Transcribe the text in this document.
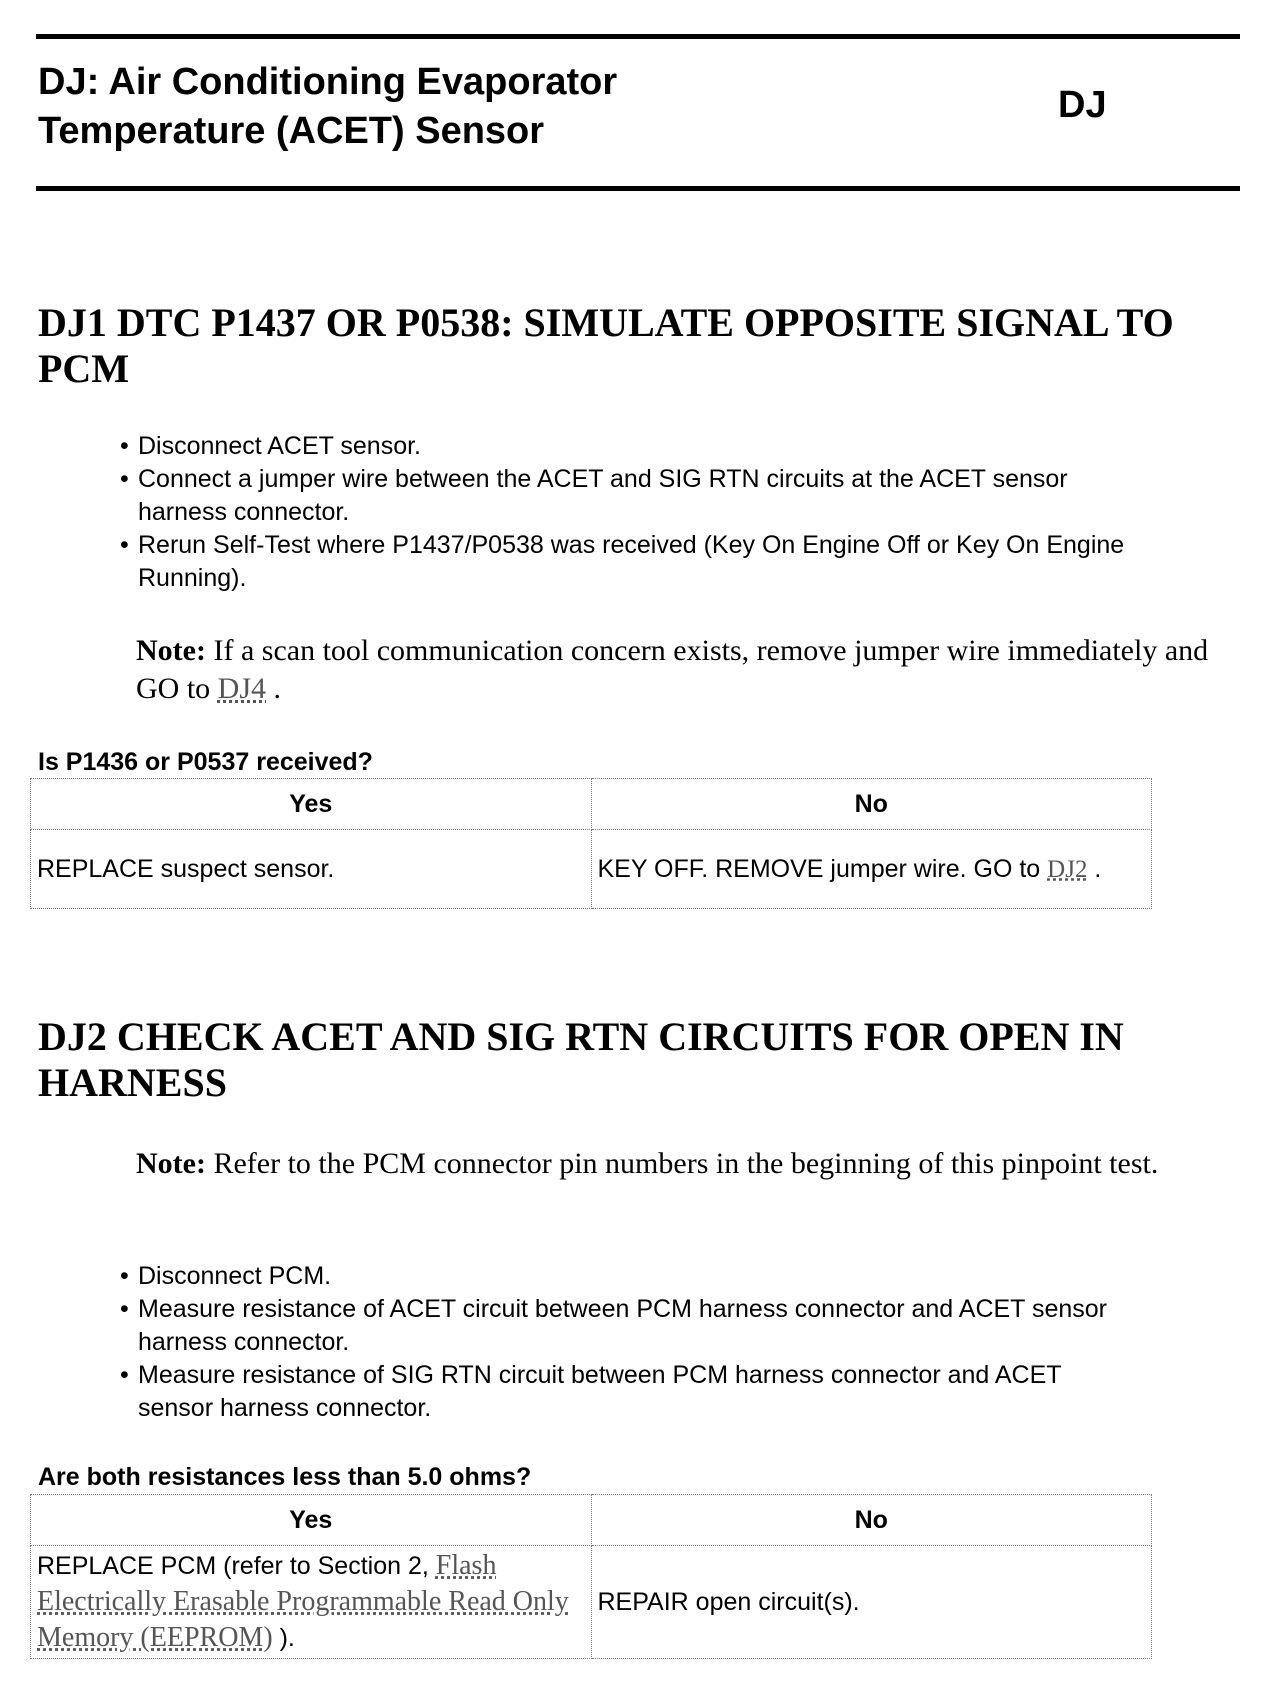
DJ: Air Conditioning Evaporator
Temperature (ACET) Sensor
DJ
DJ1 DTC P1437 OR P0538: SIMULATE OPPOSITE SIGNAL TO PCM
• Disconnect ACET sensor.
• Connect a jumper wire between the ACET and SIG RTN circuits at the ACET sensor harness connector.
• Rerun Self-Test where P1437/P0538 was received (Key On Engine Off or Key On Engine Running).
Note: If a scan tool communication concern exists, remove jumper wire immediately and GO to DJ4 .
Is P1436 or P0537 received?
Yes	No
REPLACE suspect sensor.	KEY OFF. REMOVE jumper wire. GO to DJ2 .
DJ2 CHECK ACET AND SIG RTN CIRCUITS FOR OPEN IN HARNESS
Note: Refer to the PCM connector pin numbers in the beginning of this pinpoint test.
• Disconnect PCM.
• Measure resistance of ACET circuit between PCM harness connector and ACET sensor harness connector.
• Measure resistance of SIG RTN circuit between PCM harness connector and ACET sensor harness connector.
Are both resistances less than 5.0 ohms?
Yes	No
REPLACE PCM (refer to Section 2, Flash Electrically Erasable Programmable Read Only Memory (EEPROM) ).	REPAIR open circuit(s).
